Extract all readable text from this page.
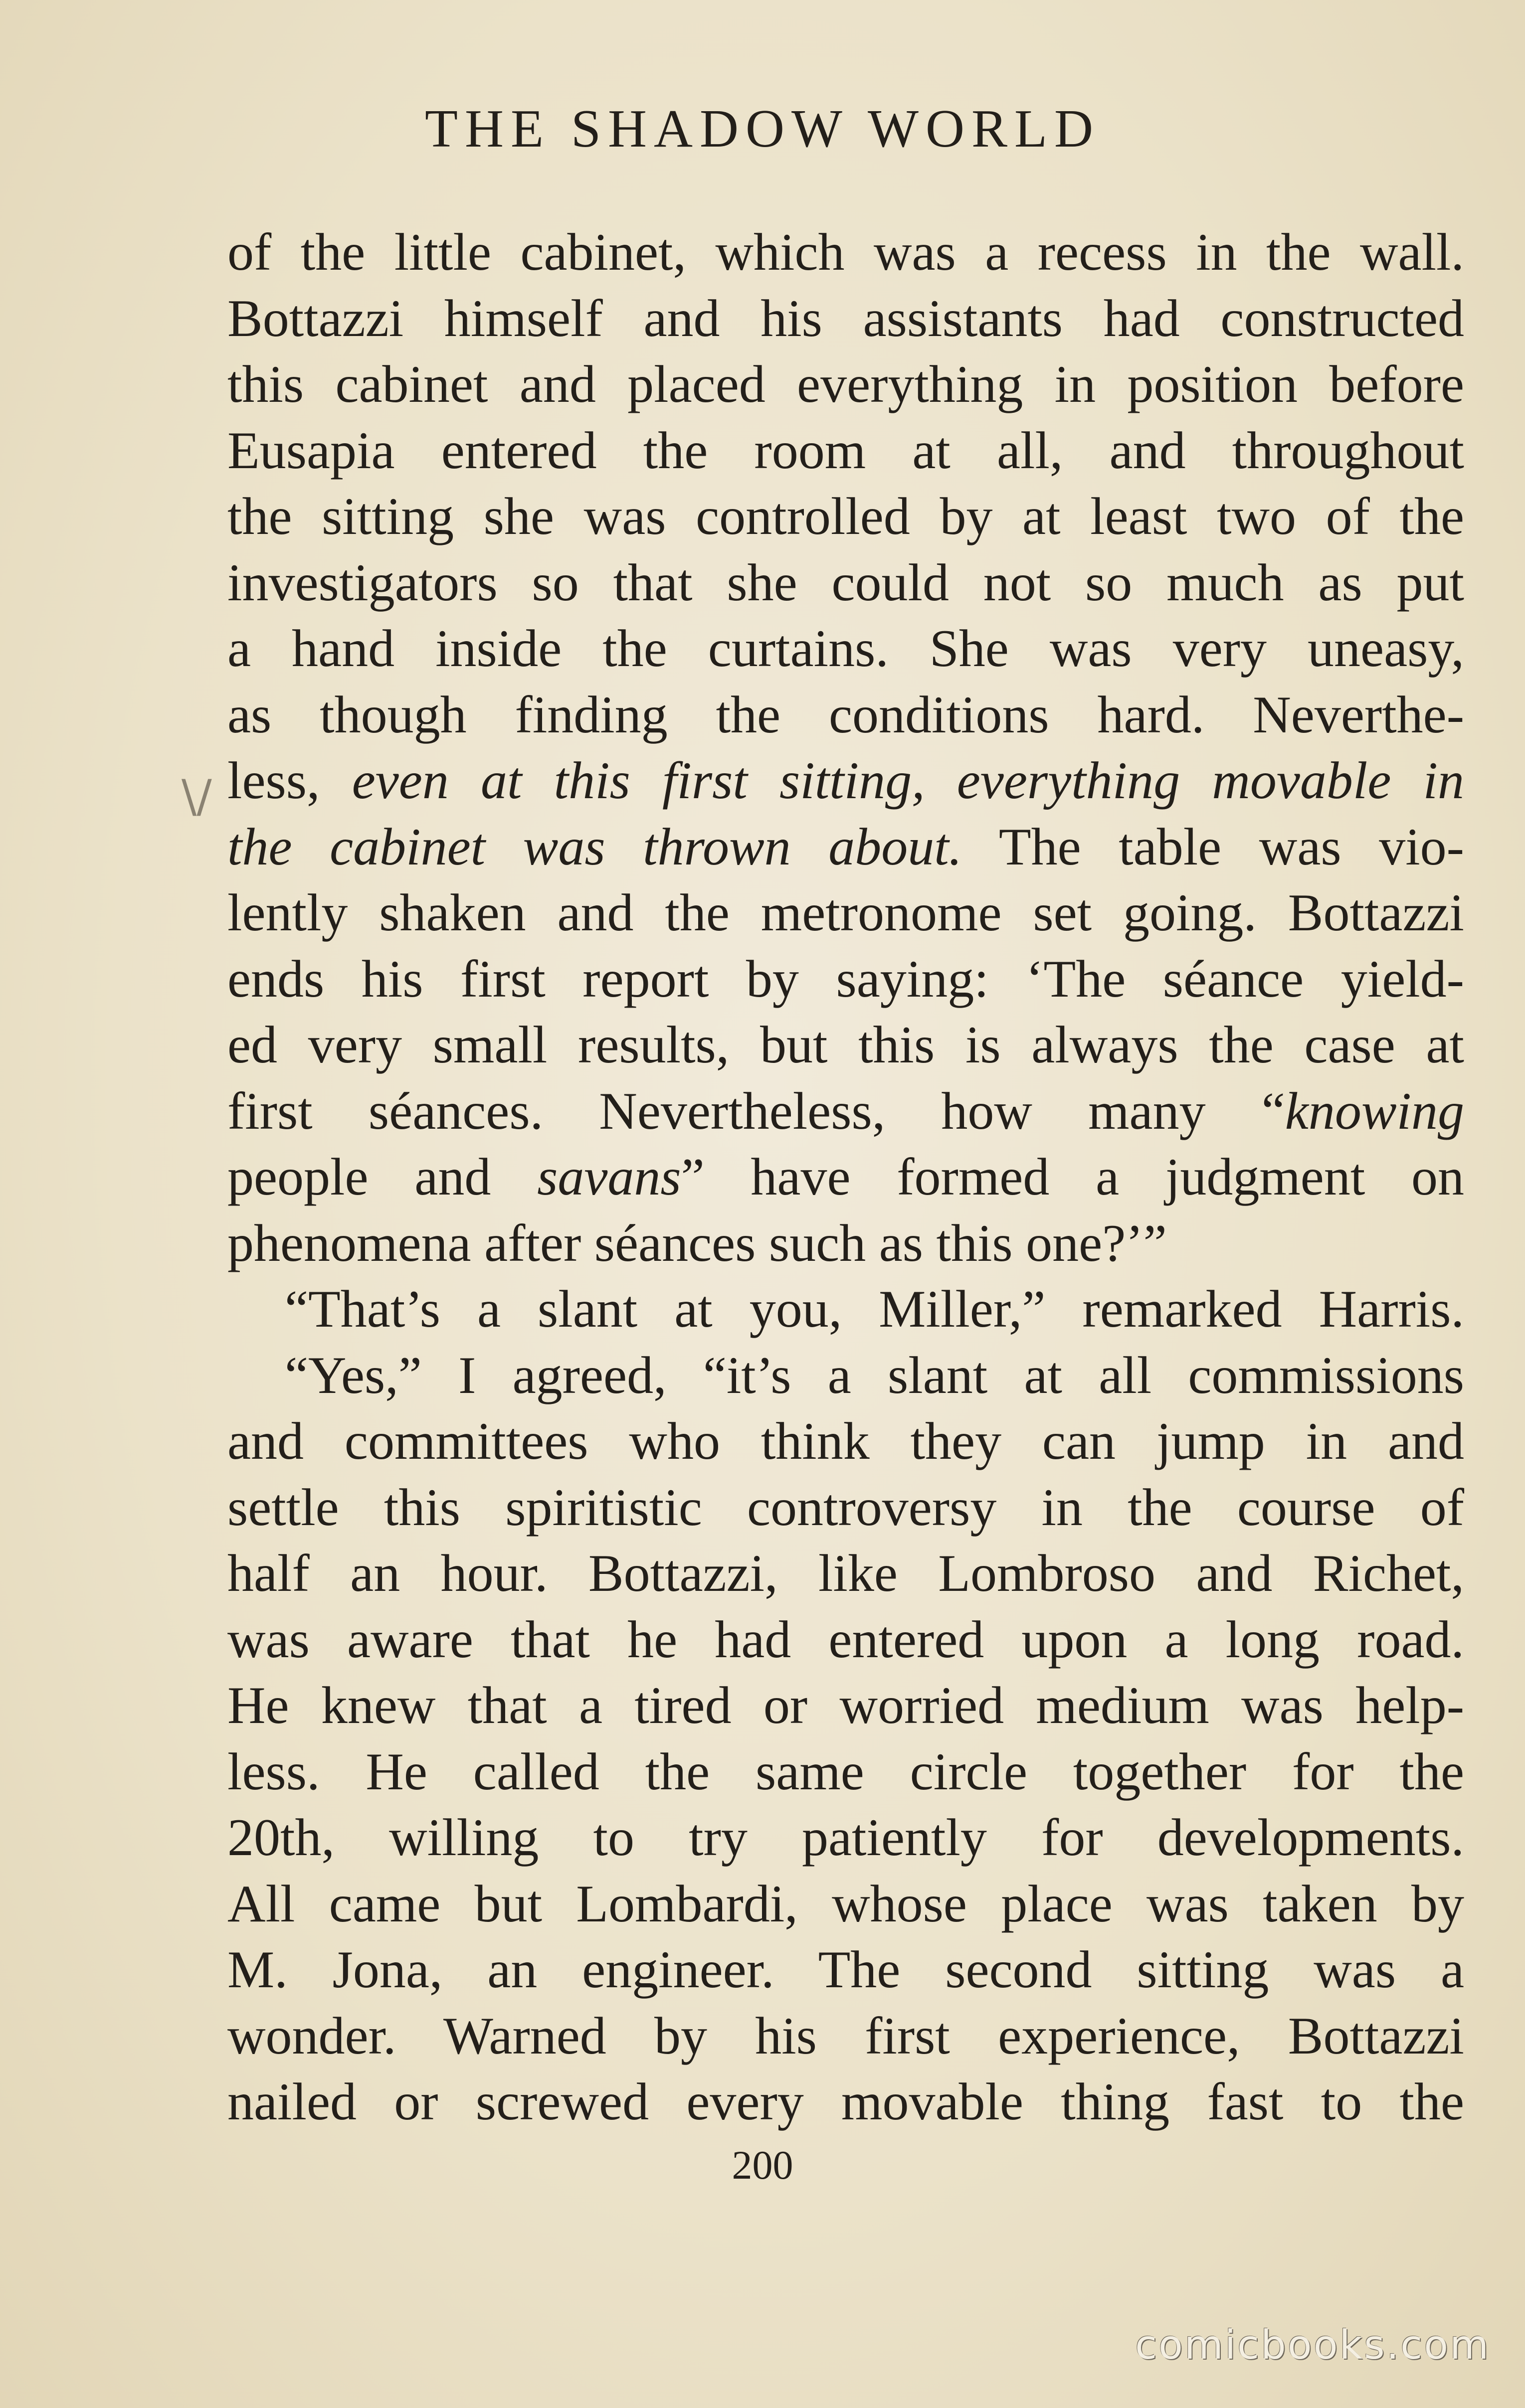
THE SHADOW WORLD
\/
of the little cabinet, which was a recess in the wall.
Bottazzi himself and his assistants had constructed
this cabinet and placed everything in position before
Eusapia entered the room at all, and throughout
the sitting she was controlled by at least two of the
investigators so that she could not so much as put
a hand inside the curtains. She was very uneasy,
as though finding the conditions hard. Neverthe-
less, even at this first sitting, everything movable in
the cabinet was thrown about. The table was vio-
lently shaken and the metronome set going. Bottazzi
ends his first report by saying: ‘The séance yield-
ed very small results, but this is always the case at
first séances. Nevertheless, how many “knowing
people and savans” have formed a judgment on
phenomena after séances such as this one?’”
“That’s a slant at you, Miller,” remarked Harris.
“Yes,” I agreed, “it’s a slant at all commissions
and committees who think they can jump in and
settle this spiritistic controversy in the course of
half an hour. Bottazzi, like Lombroso and Richet,
was aware that he had entered upon a long road.
He knew that a tired or worried medium was help-
less. He called the same circle together for the
20th, willing to try patiently for developments.
All came but Lombardi, whose place was taken by
M. Jona, an engineer. The second sitting was a
wonder. Warned by his first experience, Bottazzi
nailed or screwed every movable thing fast to the
200
comicbooks.com
